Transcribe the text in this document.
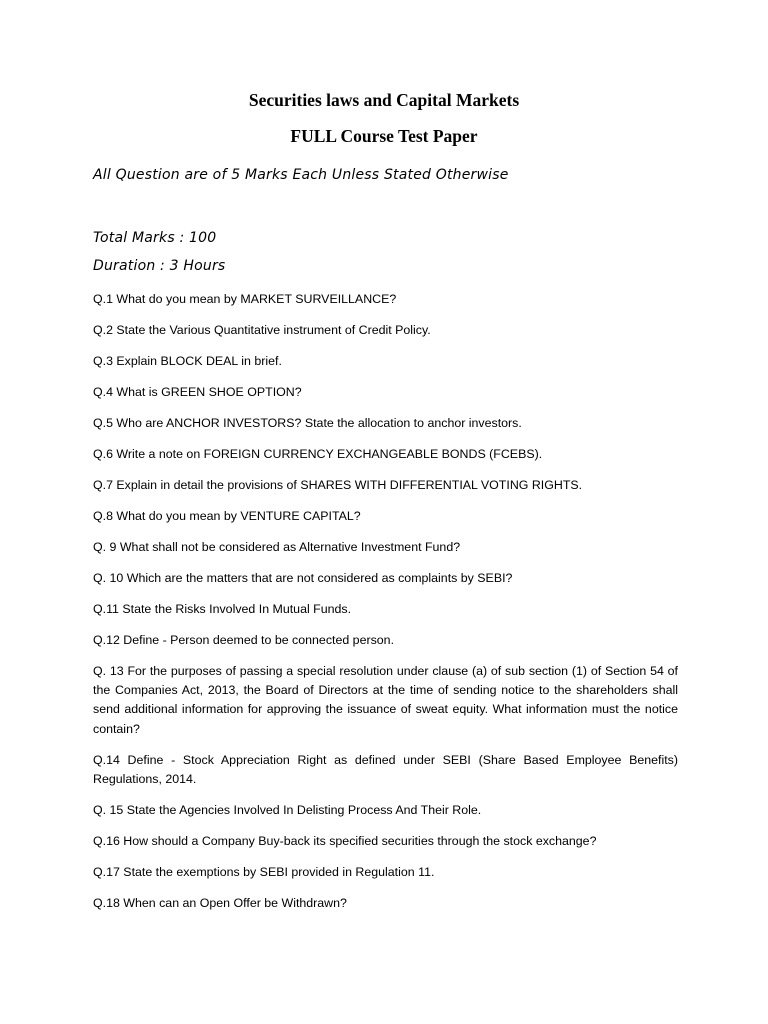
Securities laws and Capital Markets
FULL Course Test Paper
All Question are of 5 Marks Each Unless Stated Otherwise
Total Marks : 100
Duration : 3 Hours

Q.1 What do you mean by MARKET SURVEILLANCE?

Q.2 State the Various Quantitative instrument of Credit Policy.

Q.3 Explain BLOCK DEAL in brief.

Q.4 What is GREEN SHOE OPTION?

Q.5 Who are ANCHOR INVESTORS? State the allocation to anchor investors.

Q.6 Write a note on FOREIGN CURRENCY EXCHANGEABLE BONDS (FCEBS).

Q.7 Explain in detail the provisions of SHARES WITH DIFFERENTIAL VOTING RIGHTS.

Q.8 What do you mean by VENTURE CAPITAL?

Q. 9 What shall not be considered as Alternative Investment Fund?

Q. 10 Which are the matters that are not considered as complaints by SEBI?

Q.11 State the Risks Involved In Mutual Funds.

Q.12 Define - Person deemed to be connected person.

Q. 13 For the purposes of passing a special resolution under clause (a) of sub section (1) of Section 54 of the Companies Act, 2013, the Board of Directors at the time of sending notice to the shareholders shall send additional information for approving the issuance of sweat equity. What information must the notice contain?

Q.14 Define - Stock Appreciation Right as defined under SEBI (Share Based Employee Benefits) Regulations, 2014.

Q. 15 State the Agencies Involved In Delisting Process And Their Role.

Q.16 How should a Company Buy-back its specified securities through the stock exchange?

Q.17 State the exemptions by SEBI provided in Regulation 11.

Q.18 When can an Open Offer be Withdrawn?
